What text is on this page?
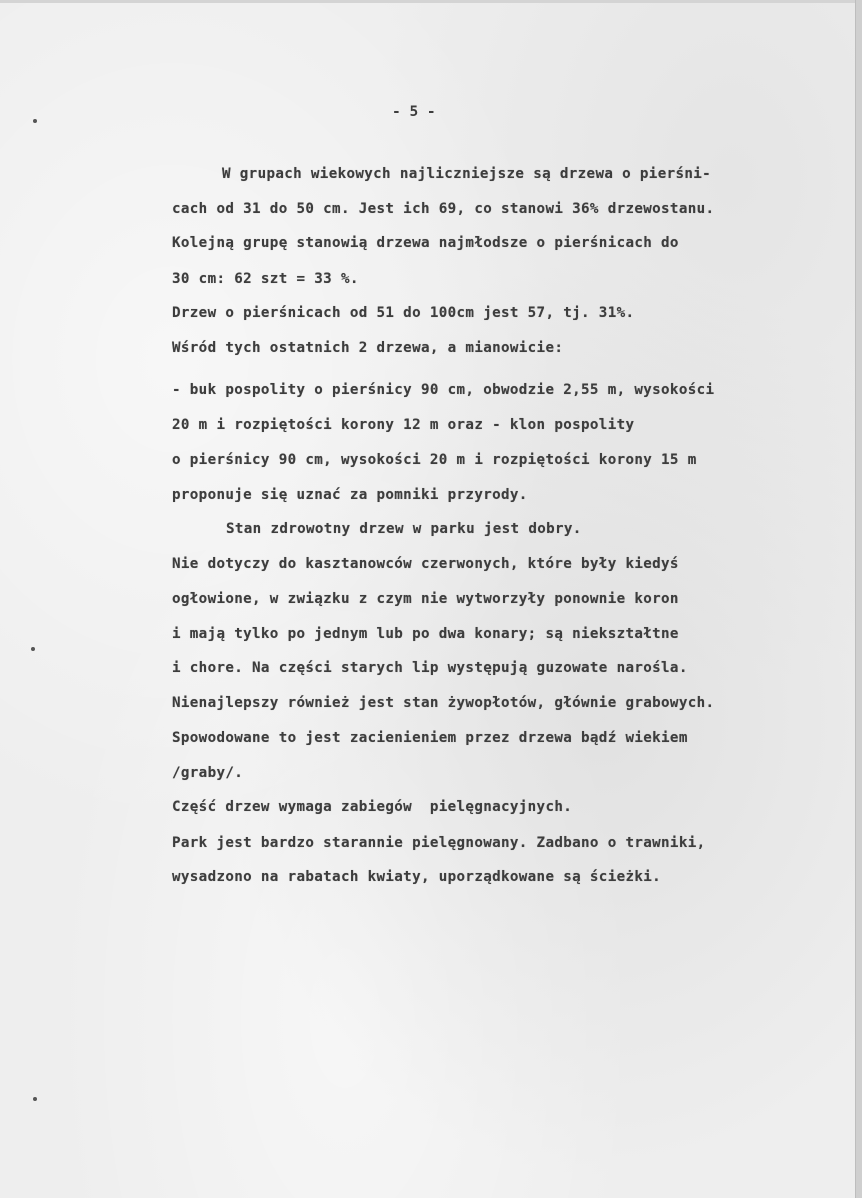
- 5 -
W grupach wiekowych najliczniejsze są drzewa o pierśni-
cach od 31 do 50 cm. Jest ich 69, co stanowi 36% drzewostanu.
Kolejną grupę stanowią drzewa najmłodsze o pierśnicach do
30 cm: 62 szt = 33 %.
Drzew o pierśnicach od 51 do 100cm jest 57, tj. 31%.
Wśród tych ostatnich 2 drzewa, a mianowicie:
- buk pospolity o pierśnicy 90 cm, obwodzie 2,55 m, wysokości
20 m i rozpiętości korony 12 m oraz - klon pospolity
o pierśnicy 90 cm, wysokości 20 m i rozpiętości korony 15 m
proponuje się uznać za pomniki przyrody.
Stan zdrowotny drzew w parku jest dobry.
Nie dotyczy do kasztanowców czerwonych, które były kiedyś
ogłowione, w związku z czym nie wytworzyły ponownie koron
i mają tylko po jednym lub po dwa konary; są niekształtne
i chore. Na części starych lip występują guzowate narośla.
Nienajlepszy również jest stan żywopłotów, głównie grabowych.
Spowodowane to jest zacienieniem przez drzewa bądź wiekiem
/graby/.
Część drzew wymaga zabiegów  pielęgnacyjnych.
Park jest bardzo starannie pielęgnowany. Zadbano o trawniki,
wysadzono na rabatach kwiaty, uporządkowane są ścieżki.
